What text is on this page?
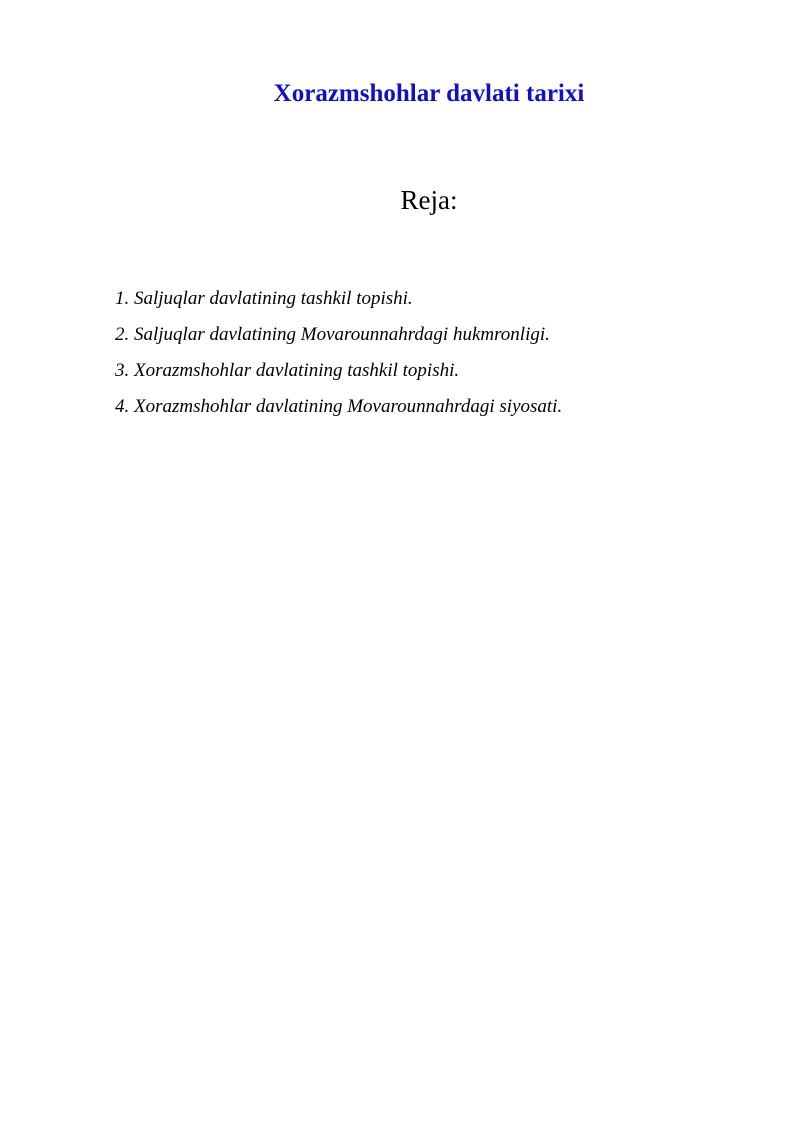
Xorazmshohlar davlati tarixi
Reja:
1. Saljuqlar davlatining tashkil topishi.
2. Saljuqlar davlatining Movarounnahrdagi hukmronligi.
3. Xorazmshohlar davlatining tashkil topishi.
4. Xorazmshohlar davlatining Movarounnahrdagi siyosati.
